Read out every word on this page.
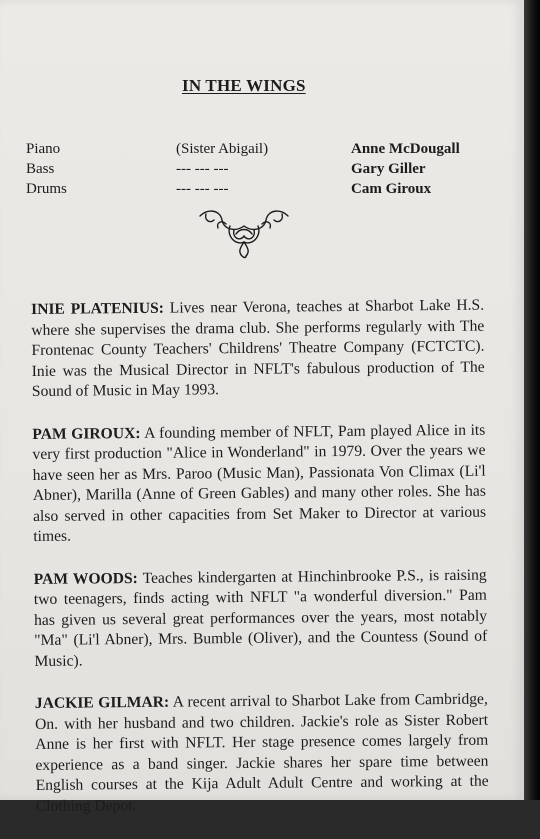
IN THE WINGS
Piano	(Sister Abigail)	Anne McDougall
Bass	--- --- ---	Gary Giller
Drums	--- --- ---	Cam Giroux

INIE PLATENIUS: Lives near Verona, teaches at Sharbot Lake H.S. where she supervises the drama club. She performs regularly with The Frontenac County Teachers' Childrens' Theatre Company (FCTCTC). Inie was the Musical Director in NFLT's fabulous production of The Sound of Music in May 1993.

PAM GIROUX: A founding member of NFLT, Pam played Alice in its very first production "Alice in Wonderland" in 1979. Over the years we have seen her as Mrs. Paroo (Music Man), Passionata Von Climax (Li'l Abner), Marilla (Anne of Green Gables) and many other roles. She has also served in other capacities from Set Maker to Director at various times.

PAM WOODS: Teaches kindergarten at Hinchinbrooke P.S., is raising two teenagers, finds acting with NFLT "a wonderful diversion." Pam has given us several great performances over the years, most notably "Ma" (Li'l Abner), Mrs. Bumble (Oliver), and the Countess (Sound of Music).

JACKIE GILMAR: A recent arrival to Sharbot Lake from Cambridge, On. with her husband and two children. Jackie's role as Sister Robert Anne is her first with NFLT. Her stage presence comes largely from experience as a band singer. Jackie shares her spare time between English courses at the Kija Adult Adult Centre and working at the Clothing Depot.
